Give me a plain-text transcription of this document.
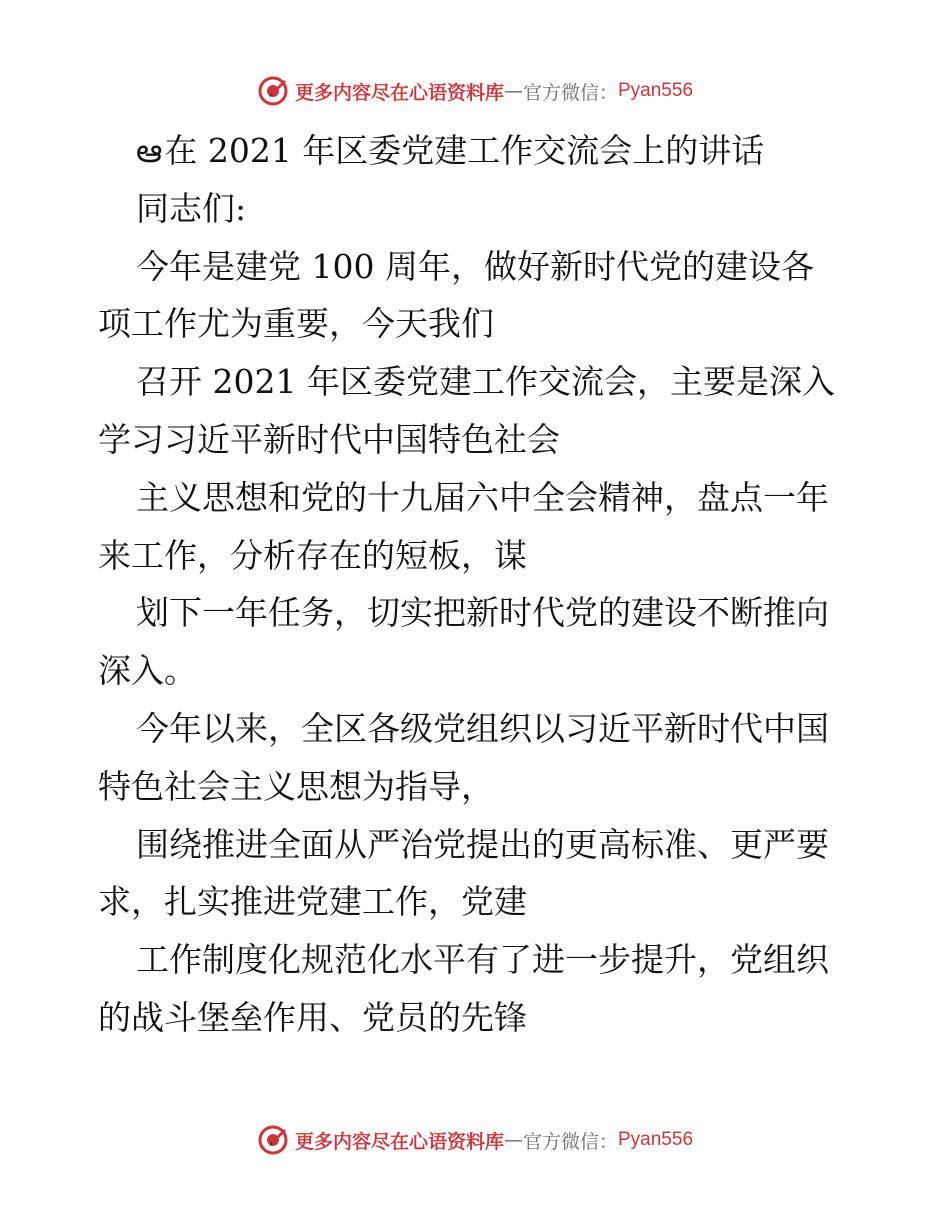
更多内容尽在心语资料库 — 官方微信： Pyan556
ఆ在 2021 年区委党建工作交流会上的讲话
同志们:
今年是建党 100 周年，做好新时代党的建设各
项工作尤为重要，今天我们
召开 2021 年区委党建工作交流会，主要是深入
学习习近平新时代中国特色社会
主义思想和党的十九届六中全会精神，盘点一年
来工作，分析存在的短板，谋
划下一年任务，切实把新时代党的建设不断推向
深入。
今年以来，全区各级党组织以习近平新时代中国
特色社会主义思想为指导，
围绕推进全面从严治党提出的更高标准、更严要
求，扎实推进党建工作，党建
工作制度化规范化水平有了进一步提升，党组织
的战斗堡垒作用、党员的先锋
更多内容尽在心语资料库 — 官方微信： Pyan556
